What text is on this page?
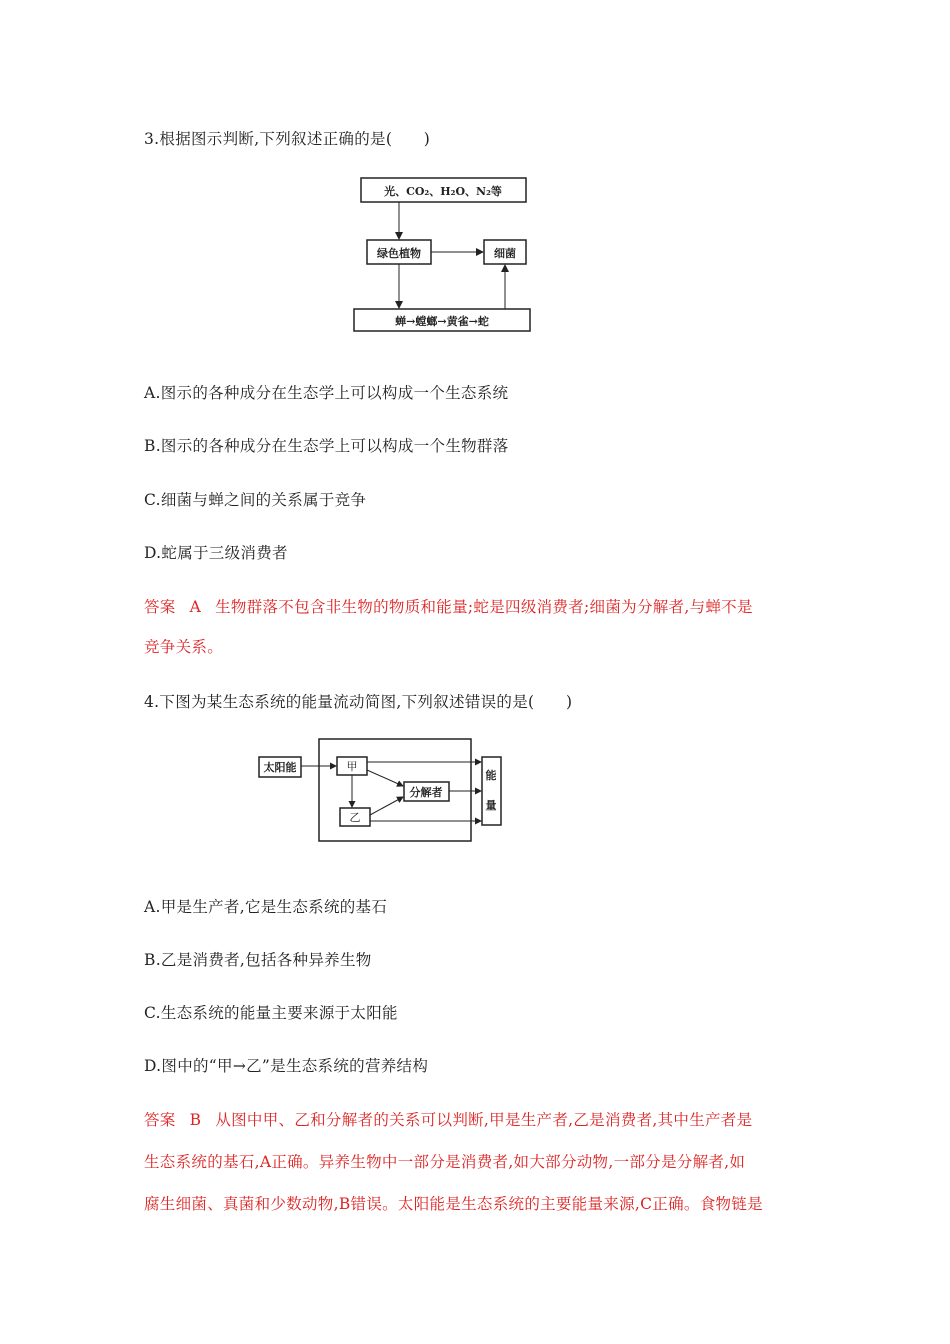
3.根据图示判断,下列叙述正确的是(　　)
光、CO₂、H₂O、N₂等
绿色植物	细菌
蝉→螳螂→黄雀→蛇
A.图示的各种成分在生态学上可以构成一个生态系统
B.图示的各种成分在生态学上可以构成一个生物群落
C.细菌与蝉之间的关系属于竞争
D.蛇属于三级消费者
答案 A 生物群落不包含非生物的物质和能量;蛇是四级消费者;细菌为分解者,与蝉不是
竞争关系。
4.下图为某生态系统的能量流动简图,下列叙述错误的是(　　)
太阳能	甲
乙
分解者
能
量
A.甲是生产者,它是生态系统的基石
B.乙是消费者,包括各种异养生物
C.生态系统的能量主要来源于太阳能
D.图中的“甲→乙”是生态系统的营养结构
答案 B 从图中甲、乙和分解者的关系可以判断,甲是生产者,乙是消费者,其中生产者是
生态系统的基石,A正确。异养生物中一部分是消费者,如大部分动物,一部分是分解者,如
腐生细菌、真菌和少数动物,B错误。太阳能是生态系统的主要能量来源,C正确。食物链是
